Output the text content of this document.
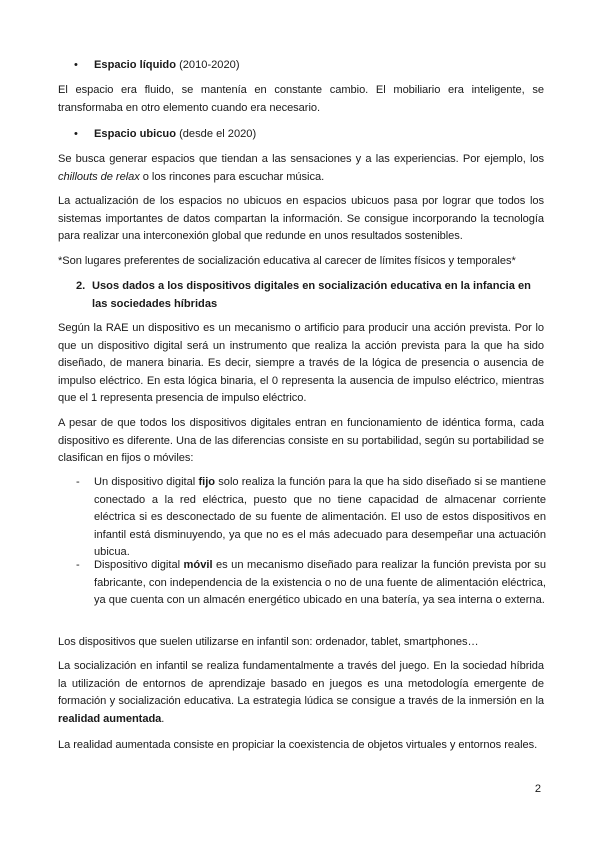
•	Espacio líquido (2010-2020)

El espacio era fluido, se mantenía en constante cambio. El mobiliario era inteligente, se transformaba en otro elemento cuando era necesario.

•	Espacio ubicuo (desde el 2020)

Se busca generar espacios que tiendan a las sensaciones y a las experiencias. Por ejemplo, los chillouts de relax o los rincones para escuchar música.

La actualización de los espacios no ubicuos en espacios ubicuos pasa por lograr que todos los sistemas importantes de datos compartan la información. Se consigue incorporando la tecnología para realizar una interconexión global que redunde en unos resultados sostenibles.

*Son lugares preferentes de socialización educativa al carecer de límites físicos y temporales*

2. Usos dados a los dispositivos digitales en socialización educativa en la infancia en las sociedades híbridas

Según la RAE un dispositivo es un mecanismo o artificio para producir una acción prevista. Por lo que un dispositivo digital será un instrumento que realiza la acción prevista para la que ha sido diseñado, de manera binaria. Es decir, siempre a través de la lógica de presencia o ausencia de impulso eléctrico. En esta lógica binaria, el 0 representa la ausencia de impulso eléctrico, mientras que el 1 representa presencia de impulso eléctrico.

A pesar de que todos los dispositivos digitales entran en funcionamiento de idéntica forma, cada dispositivo es diferente. Una de las diferencias consiste en su portabilidad, según su portabilidad se clasifican en fijos o móviles:

- Un dispositivo digital fijo solo realiza la función para la que ha sido diseñado si se mantiene conectado a la red eléctrica, puesto que no tiene capacidad de almacenar corriente eléctrica si es desconectado de su fuente de alimentación. El uso de estos dispositivos en infantil está disminuyendo, ya que no es el más adecuado para desempeñar una actuación ubicua.
- Dispositivo digital móvil es un mecanismo diseñado para realizar la función prevista por su fabricante, con independencia de la existencia o no de una fuente de alimentación eléctrica, ya que cuenta con un almacén energético ubicado en una batería, ya sea interna o externa.

Los dispositivos que suelen utilizarse en infantil son: ordenador, tablet, smartphones…

La socialización en infantil se realiza fundamentalmente a través del juego. En la sociedad híbrida la utilización de entornos de aprendizaje basado en juegos es una metodología emergente de formación y socialización educativa. La estrategia lúdica se consigue a través de la inmersión en la realidad aumentada.

La realidad aumentada consiste en propiciar la coexistencia de objetos virtuales y entornos reales.

2
